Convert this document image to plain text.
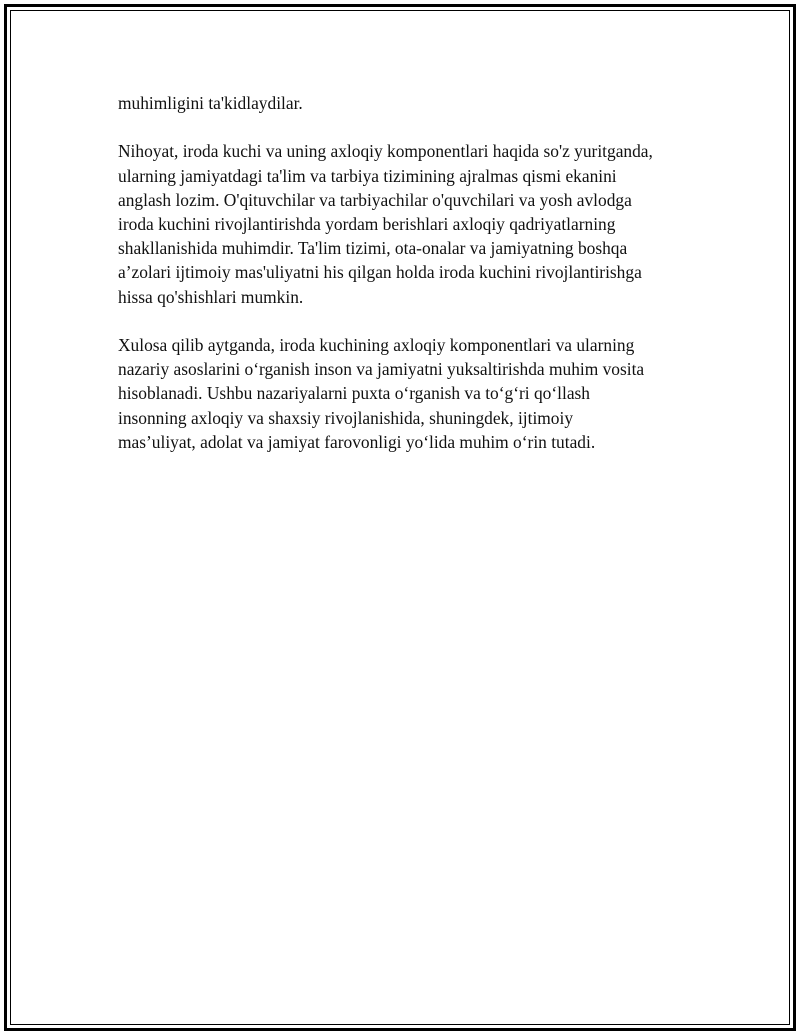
muhimligini ta'kidlaydilar.

Nihoyat, iroda kuchi va uning axloqiy komponentlari haqida so'z yuritganda,
ularning jamiyatdagi ta'lim va tarbiya tizimining ajralmas qismi ekanini
anglash lozim. O'qituvchilar va tarbiyachilar o'quvchilari va yosh avlodga
iroda kuchini rivojlantirishda yordam berishlari axloqiy qadriyatlarning
shakllanishida muhimdir. Ta'lim tizimi, ota-onalar va jamiyatning boshqa
a’zolari ijtimoiy mas'uliyatni his qilgan holda iroda kuchini rivojlantirishga
hissa qo'shishlari mumkin.

Xulosa qilib aytganda, iroda kuchining axloqiy komponentlari va ularning
nazariy asoslarini o‘rganish inson va jamiyatni yuksaltirishda muhim vosita
hisoblanadi. Ushbu nazariyalarni puxta o‘rganish va to‘g‘ri qo‘llash
insonning axloqiy va shaxsiy rivojlanishida, shuningdek, ijtimoiy
mas’uliyat, adolat va jamiyat farovonligi yo‘lida muhim o‘rin tutadi.
